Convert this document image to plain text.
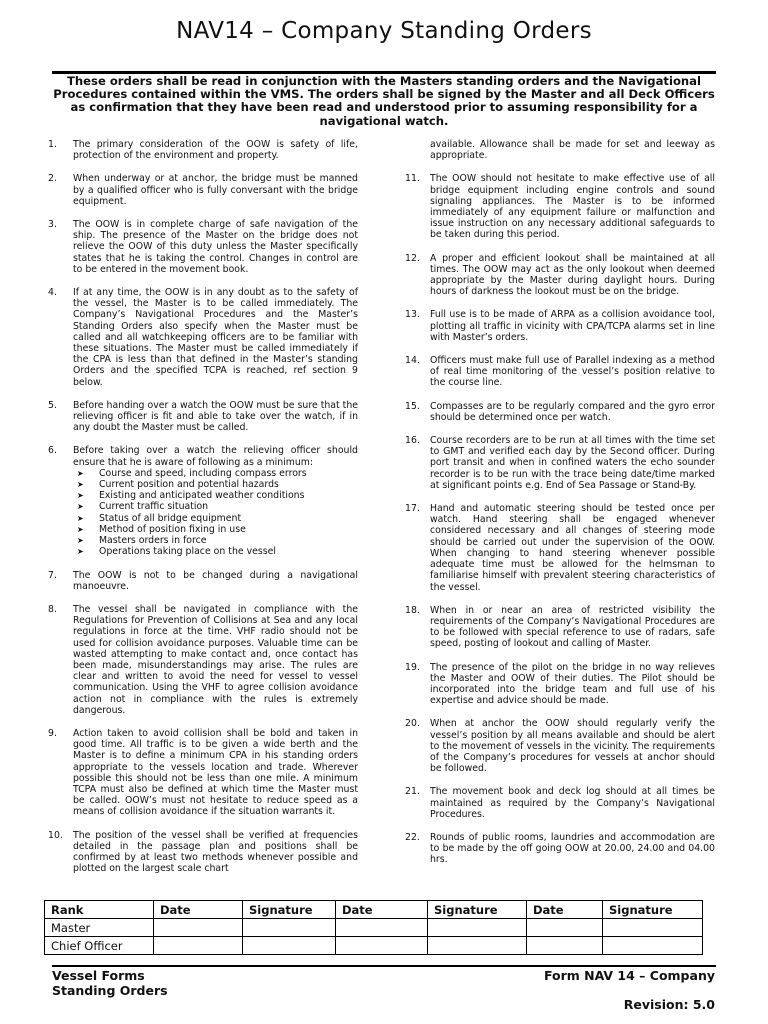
NAV14 – Company Standing Orders
These orders shall be read in conjunction with the Masters standing orders and the Navigational Procedures contained within the VMS. The orders shall be signed by the Master and all Deck Officers as confirmation that they have been read and understood prior to assuming responsibility for a navigational watch.
1. The primary consideration of the OOW is safety of life, protection of the environment and property.
2. When underway or at anchor, the bridge must be manned by a qualified officer who is fully conversant with the bridge equipment.
3. The OOW is in complete charge of safe navigation of the ship. The presence of the Master on the bridge does not relieve the OOW of this duty unless the Master specifically states that he is taking the control. Changes in control are to be entered in the movement book.
4. If at any time, the OOW is in any doubt as to the safety of the vessel, the Master is to be called immediately. The Company’s Navigational Procedures and the Master’s Standing Orders also specify when the Master must be called and all watchkeeping officers are to be familiar with these situations. The Master must be called immediately if the CPA is less than that defined in the Master’s standing Orders and the specified TCPA is reached, ref section 9 below.
5. Before handing over a watch the OOW must be sure that the relieving officer is fit and able to take over the watch, if in any doubt the Master must be called.
6. Before taking over a watch the relieving officer should ensure that he is aware of following as a minimum:
➤ Course and speed, including compass errors
➤ Current position and potential hazards
➤ Existing and anticipated weather conditions
➤ Current traffic situation
➤ Status of all bridge equipment
➤ Method of position fixing in use
➤ Masters orders in force
➤ Operations taking place on the vessel
7. The OOW is not to be changed during a navigational manoeuvre.
8. The vessel shall be navigated in compliance with the Regulations for Prevention of Collisions at Sea and any local regulations in force at the time. VHF radio should not be used for collision avoidance purposes. Valuable time can be wasted attempting to make contact and, once contact has been made, misunderstandings may arise. The rules are clear and written to avoid the need for vessel to vessel communication. Using the VHF to agree collision avoidance action not in compliance with the rules is extremely dangerous.
9. Action taken to avoid collision shall be bold and taken in good time. All traffic is to be given a wide berth and the Master is to define a minimum CPA in his standing orders appropriate to the vessels location and trade. Wherever possible this should not be less than one mile. A minimum TCPA must also be defined at which time the Master must be called. OOW’s must not hesitate to reduce speed as a means of collision avoidance if the situation warrants it.
10. The position of the vessel shall be verified at frequencies detailed in the passage plan and positions shall be confirmed by at least two methods whenever possible and plotted on the largest scale chart
available. Allowance shall be made for set and leeway as appropriate.
11. The OOW should not hesitate to make effective use of all bridge equipment including engine controls and sound signaling appliances. The Master is to be informed immediately of any equipment failure or malfunction and issue instruction on any necessary additional safeguards to be taken during this period.
12. A proper and efficient lookout shall be maintained at all times. The OOW may act as the only lookout when deemed appropriate by the Master during daylight hours. During hours of darkness the lookout must be on the bridge.
13. Full use is to be made of ARPA as a collision avoidance tool, plotting all traffic in vicinity with CPA/TCPA alarms set in line with Master’s orders.
14. Officers must make full use of Parallel indexing as a method of real time monitoring of the vessel’s position relative to the course line.
15. Compasses are to be regularly compared and the gyro error should be determined once per watch.
16. Course recorders are to be run at all times with the time set to GMT and verified each day by the Second officer. During port transit and when in confined waters the echo sounder recorder is to be run with the trace being date/time marked at significant points e.g. End of Sea Passage or Stand-By.
17. Hand and automatic steering should be tested once per watch. Hand steering shall be engaged whenever considered necessary and all changes of steering mode should be carried out under the supervision of the OOW. When changing to hand steering whenever possible adequate time must be allowed for the helmsman to familiarise himself with prevalent steering characteristics of the vessel.
18. When in or near an area of restricted visibility the requirements of the Company’s Navigational Procedures are to be followed with special reference to use of radars, safe speed, posting of lookout and calling of Master.
19. The presence of the pilot on the bridge in no way relieves the Master and OOW of their duties. The Pilot should be incorporated into the bridge team and full use of his expertise and advice should be made.
20. When at anchor the OOW should regularly verify the vessel’s position by all means available and should be alert to the movement of vessels in the vicinity. The requirements of the Company’s procedures for vessels at anchor should be followed.
21. The movement book and deck log should at all times be maintained as required by the Company’s Navigational Procedures.
22. Rounds of public rooms, laundries and accommodation are to be made by the off going OOW at 20.00, 24.00 and 04.00 hrs.
Rank	Date	Signature	Date	Signature	Date	Signature
Master						
Chief Officer						
Vessel Forms
Standing Orders
Form NAV 14 – Company
Revision: 5.0
